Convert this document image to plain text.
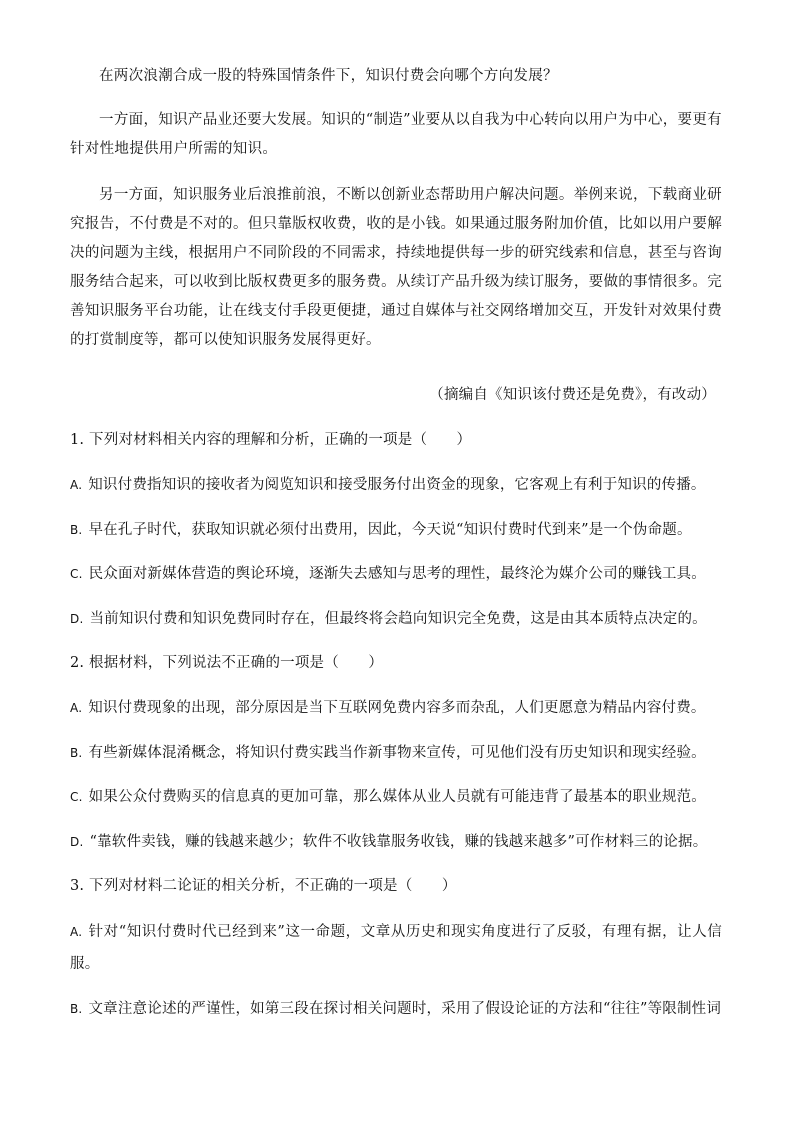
在两次浪潮合成一股的特殊国情条件下，知识付费会向哪个方向发展？

一方面，知识产品业还要大发展。知识的“制造”业要从以自我为中心转向以用户为中心，要更有针对性地提供用户所需的知识。

另一方面，知识服务业后浪推前浪，不断以创新业态帮助用户解决问题。举例来说，下载商业研究报告，不付费是不对的。但只靠版权收费，收的是小钱。如果通过服务附加价值，比如以用户要解决的问题为主线，根据用户不同阶段的不同需求，持续地提供每一步的研究线索和信息，甚至与咨询服务结合起来，可以收到比版权费更多的服务费。从续订产品升级为续订服务，要做的事情很多。完善知识服务平台功能，让在线支付手段更便捷，通过自媒体与社交网络增加交互，开发针对效果付费的打赏制度等，都可以使知识服务发展得更好。

（摘编自《知识该付费还是免费》，有改动）
1. 下列对材料相关内容的理解和分析，正确的一项是（　　）
A. 知识付费指知识的接收者为阅览知识和接受服务付出资金的现象，它客观上有利于知识的传播。
B. 早在孔子时代，获取知识就必须付出费用，因此，今天说“知识付费时代到来”是一个伪命题。
C. 民众面对新媒体营造的舆论环境，逐渐失去感知与思考的理性，最终沦为媒介公司的赚钱工具。
D. 当前知识付费和知识免费同时存在，但最终将会趋向知识完全免费，这是由其本质特点决定的。
2. 根据材料，下列说法不正确的一项是（　　）
A. 知识付费现象的出现，部分原因是当下互联网免费内容多而杂乱，人们更愿意为精品内容付费。
B. 有些新媒体混淆概念，将知识付费实践当作新事物来宣传，可见他们没有历史知识和现实经验。
C. 如果公众付费购买的信息真的更加可靠，那么媒体从业人员就有可能违背了最基本的职业规范。
D. “靠软件卖钱，赚的钱越来越少；软件不收钱靠服务收钱，赚的钱越来越多”可作材料三的论据。
3. 下列对材料二论证的相关分析，不正确的一项是（　　）
A. 针对“知识付费时代已经到来”这一命题，文章从历史和现实角度进行了反驳，有理有据，让人信服。
B. 文章注意论述的严谨性，如第三段在探讨相关问题时，采用了假设论证的方法和“往往”等限制性词
